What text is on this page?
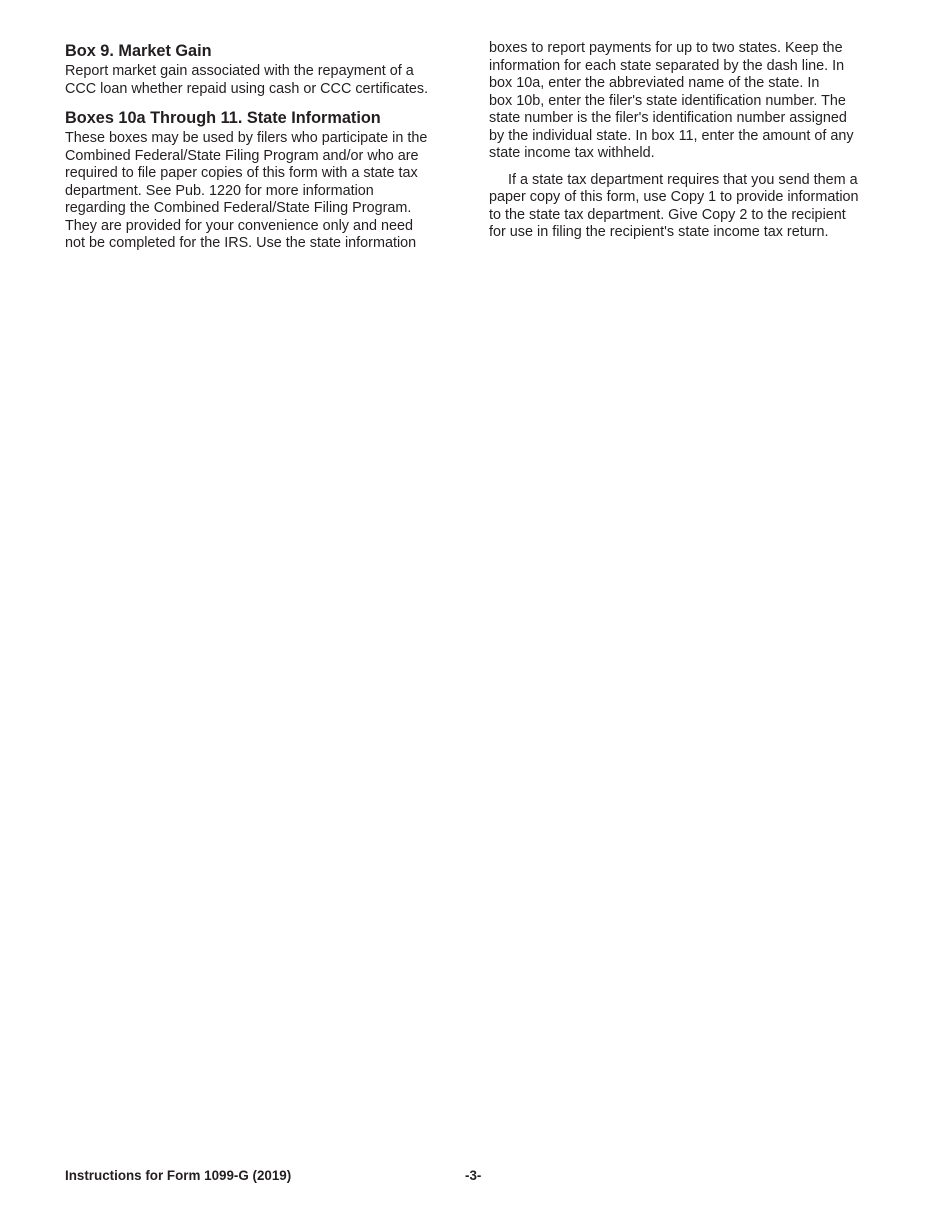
Box 9. Market Gain

Report market gain associated with the repayment of a
CCC loan whether repaid using cash or CCC certificates.

Boxes 10a Through 11. State Information

These boxes may be used by filers who participate in the
Combined Federal/State Filing Program and/or who are
required to file paper copies of this form with a state tax
department. See Pub. 1220 for more information
regarding the Combined Federal/State Filing Program.
They are provided for your convenience only and need
not be completed for the IRS. Use the state information

boxes to report payments for up to two states. Keep the
information for each state separated by the dash line. In
box 10a, enter the abbreviated name of the state. In
box 10b, enter the filer's state identification number. The
state number is the filer's identification number assigned
by the individual state. In box 11, enter the amount of any
state income tax withheld.

If a state tax department requires that you send them a
paper copy of this form, use Copy 1 to provide information
to the state tax department. Give Copy 2 to the recipient
for use in filing the recipient's state income tax return.

Instructions for Form 1099-G (2019)	-3-
